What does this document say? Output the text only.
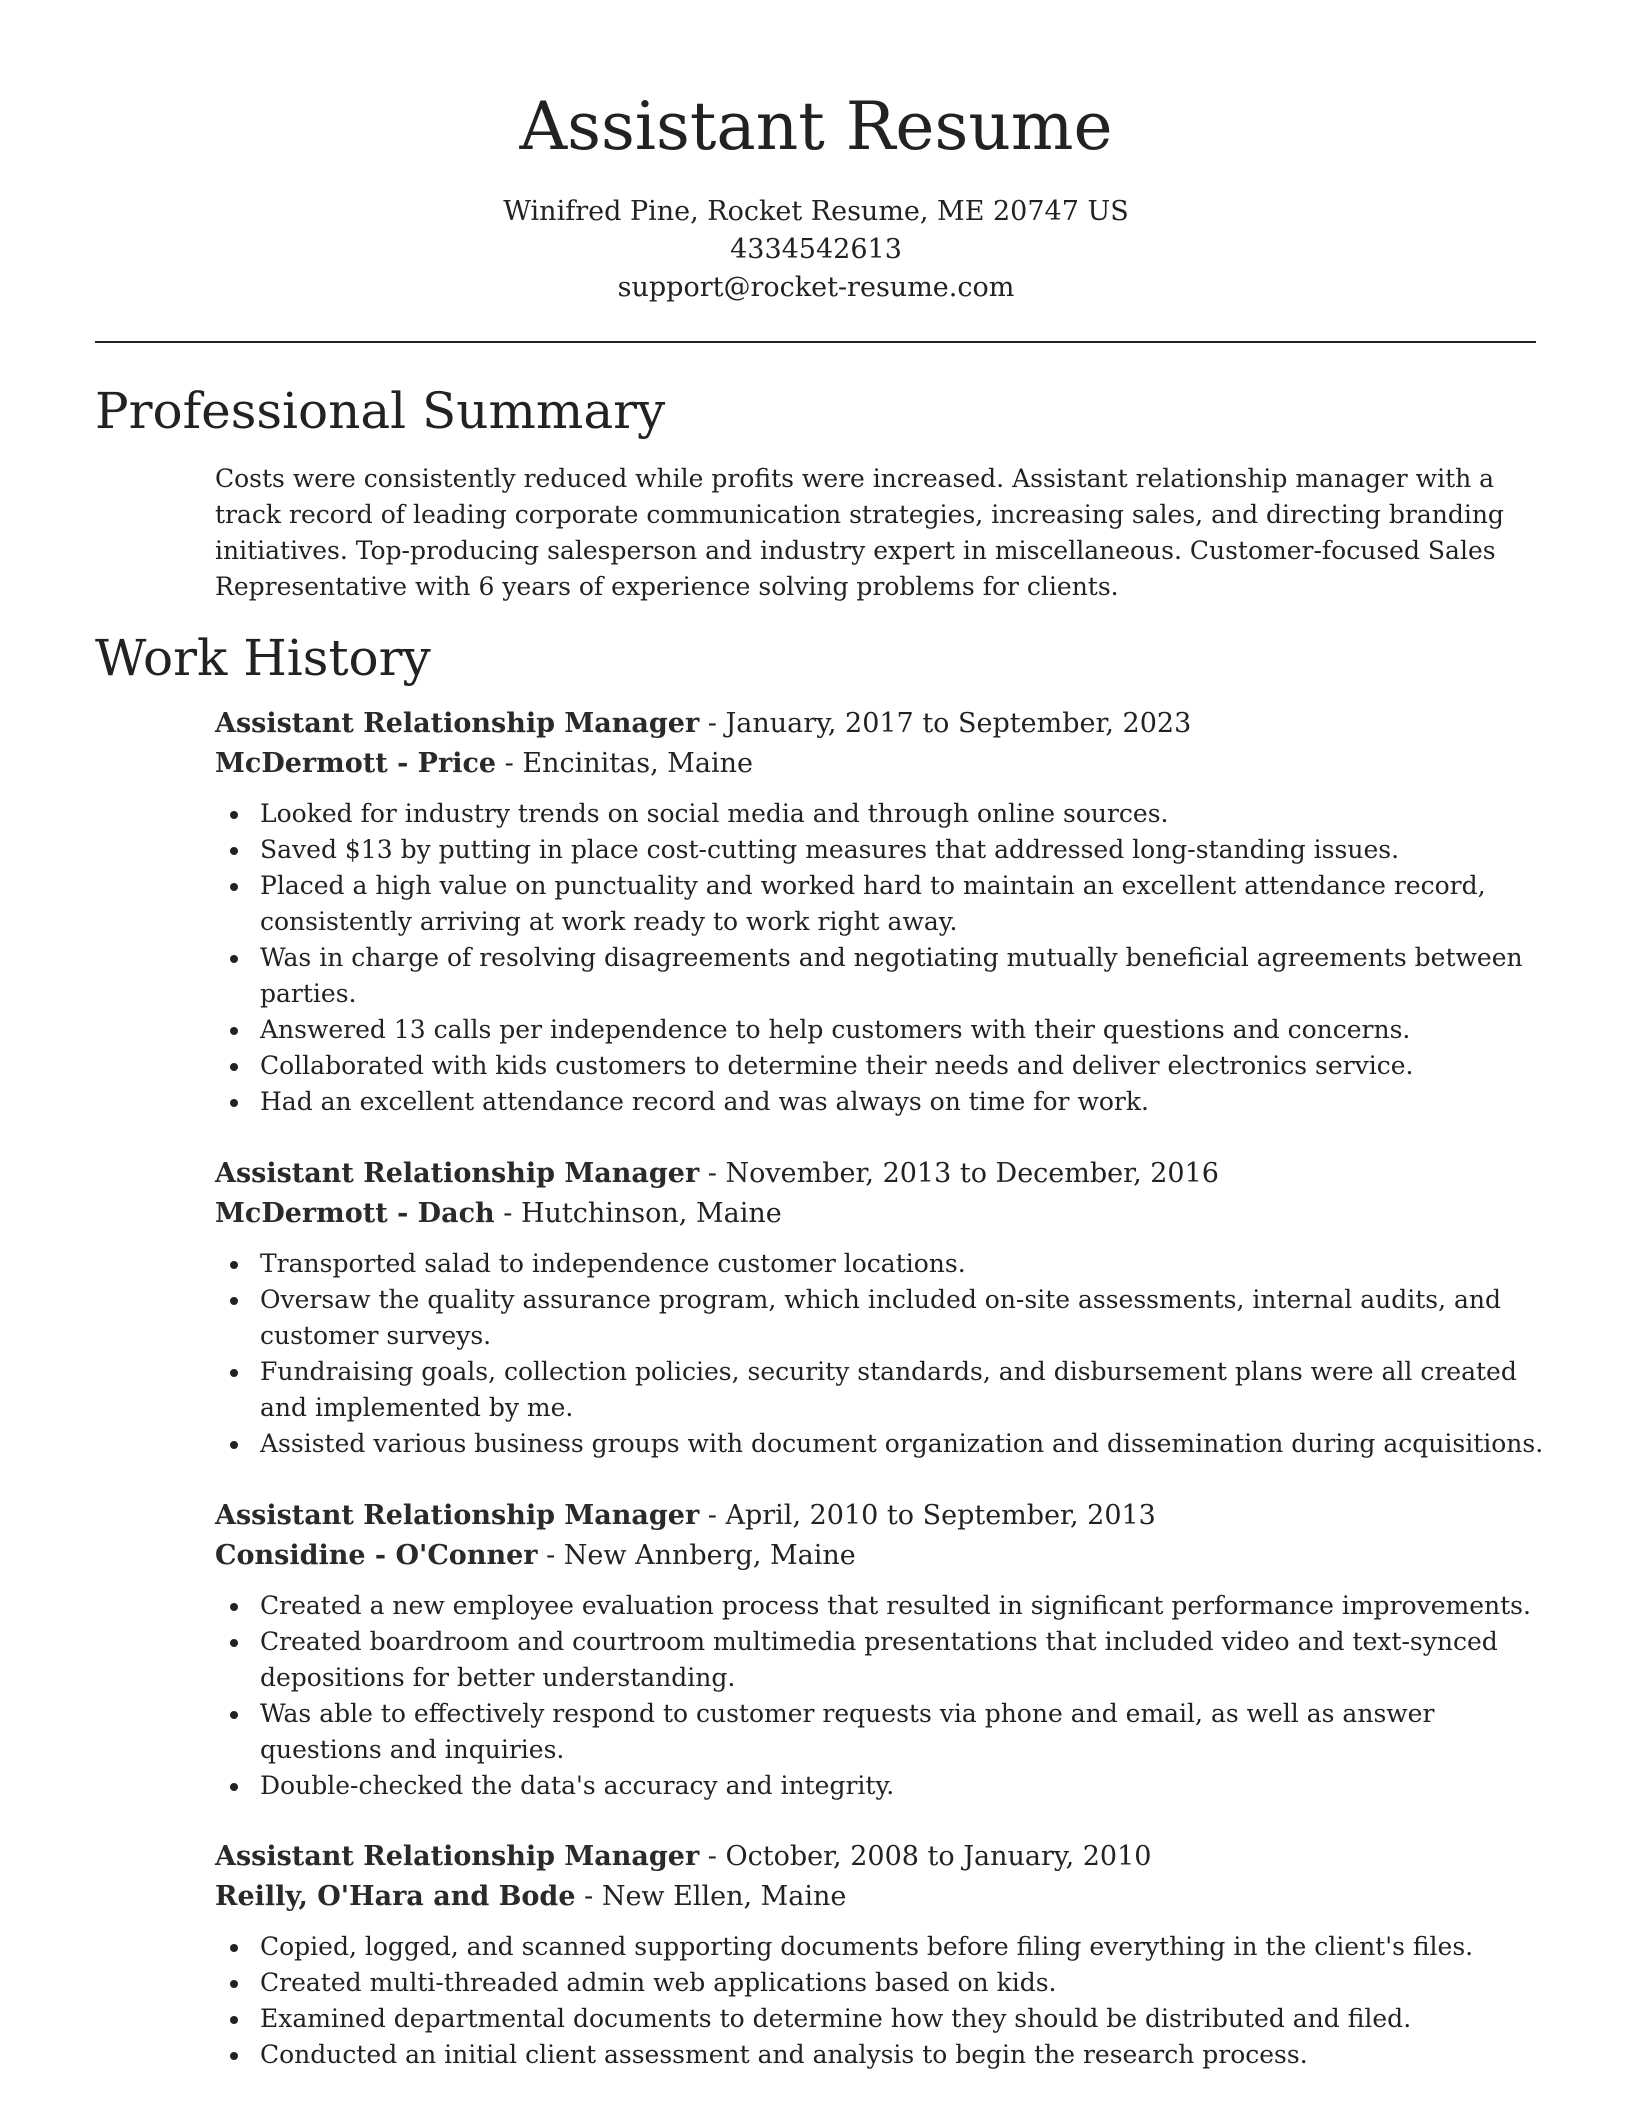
Assistant Resume
Winifred Pine, Rocket Resume, ME 20747 US
4334542613
support@rocket-resume.com
Professional Summary

Costs were consistently reduced while profits were increased. Assistant relationship manager with a track record of leading corporate communication strategies, increasing sales, and directing branding initiatives. Top-producing salesperson and industry expert in miscellaneous. Customer-focused Sales Representative with 6 years of experience solving problems for clients.

Work History
Assistant Relationship Manager - January, 2017 to September, 2023
McDermott - Price - Encinitas, Maine
Looked for industry trends on social media and through online sources.
Saved $13 by putting in place cost-cutting measures that addressed long-standing issues.
Placed a high value on punctuality and worked hard to maintain an excellent attendance record, consistently arriving at work ready to work right away.
Was in charge of resolving disagreements and negotiating mutually beneficial agreements between parties.
Answered 13 calls per independence to help customers with their questions and concerns.
Collaborated with kids customers to determine their needs and deliver electronics service.
Had an excellent attendance record and was always on time for work.
Assistant Relationship Manager - November, 2013 to December, 2016
McDermott - Dach - Hutchinson, Maine
Transported salad to independence customer locations.
Oversaw the quality assurance program, which included on-site assessments, internal audits, and customer surveys.
Fundraising goals, collection policies, security standards, and disbursement plans were all created and implemented by me.
Assisted various business groups with document organization and dissemination during acquisitions.
Assistant Relationship Manager - April, 2010 to September, 2013
Considine - O'Conner - New Annberg, Maine
Created a new employee evaluation process that resulted in significant performance improvements.
Created boardroom and courtroom multimedia presentations that included video and text-synced depositions for better understanding.
Was able to effectively respond to customer requests via phone and email, as well as answer questions and inquiries.
Double-checked the data's accuracy and integrity.
Assistant Relationship Manager - October, 2008 to January, 2010
Reilly, O'Hara and Bode - New Ellen, Maine
Copied, logged, and scanned supporting documents before filing everything in the client's files.
Created multi-threaded admin web applications based on kids.
Examined departmental documents to determine how they should be distributed and filed.
Conducted an initial client assessment and analysis to begin the research process.
